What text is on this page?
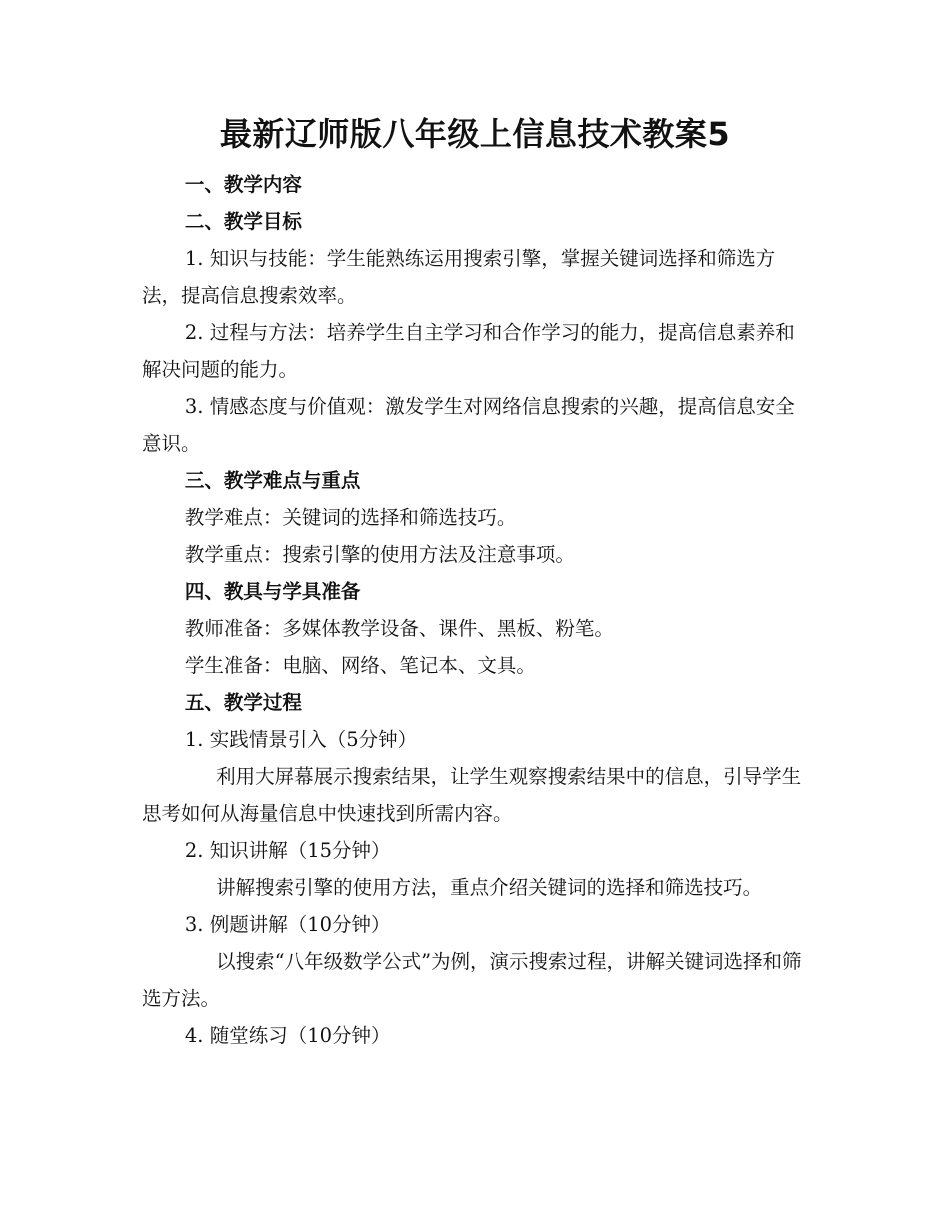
最新辽师版八年级上信息技术教案5

一、教学内容

二、教学目标

1. 知识与技能：学生能熟练运用搜索引擎，掌握关键词选择和筛选方法，提高信息搜索效率。

2. 过程与方法：培养学生自主学习和合作学习的能力，提高信息素养和解决问题的能力。

3. 情感态度与价值观：激发学生对网络信息搜索的兴趣，提高信息安全意识。

三、教学难点与重点

教学难点：关键词的选择和筛选技巧。

教学重点：搜索引擎的使用方法及注意事项。

四、教具与学具准备

教师准备：多媒体教学设备、课件、黑板、粉笔。

学生准备：电脑、网络、笔记本、文具。

五、教学过程

1. 实践情景引入（5分钟）

利用大屏幕展示搜索结果，让学生观察搜索结果中的信息，引导学生思考如何从海量信息中快速找到所需内容。

2. 知识讲解（15分钟）

讲解搜索引擎的使用方法，重点介绍关键词的选择和筛选技巧。

3. 例题讲解（10分钟）

以搜索“八年级数学公式”为例，演示搜索过程，讲解关键词选择和筛选方法。

4. 随堂练习（10分钟）
